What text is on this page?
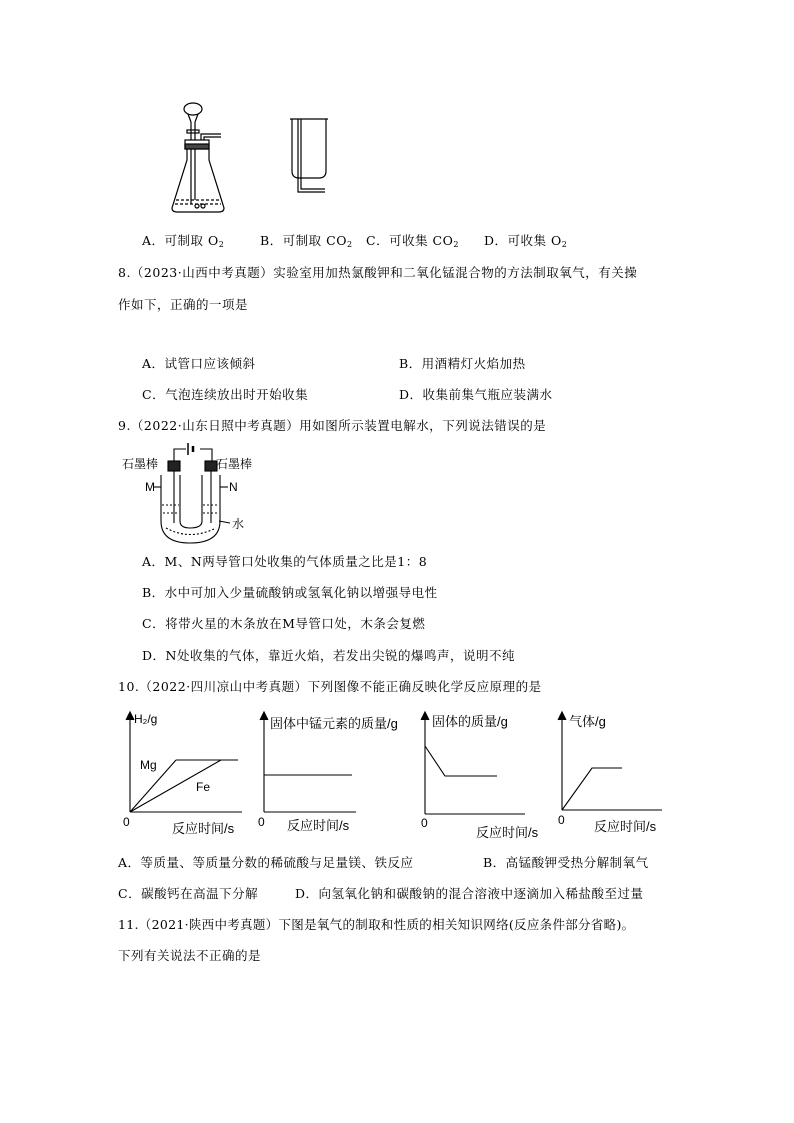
A．可制取 $O_2$	B．可制取 $CO_2$ C．可收集 $CO_2$ D．可收集 $O_2$
8.（2023·山西中考真题）实验室用加热氯酸钾和二氧化锰混合物的方法制取氧气，有关操
作如下，正确的一项是
A．试管口应该倾斜	B．用酒精灯火焰加热
C．气泡连续放出时开始收集	D．收集前集气瓶应装满水
9.（2022·山东日照中考真题）用如图所示装置电解水，下列说法错误的是
石墨棒	石墨棒
M	N
水
A．M、N两导管口处收集的气体质量之比是1：8
B．水中可加入少量硫酸钠或氢氧化钠以增强导电性
C．将带火星的木条放在M导管口处，木条会复燃
D．N处收集的气体，靠近火焰，若发出尖锐的爆鸣声，说明不纯
10.（2022·四川凉山中考真题）下列图像不能正确反映化学反应原理的是
H₂/g
Mg
Fe
0	反应时间/s
固体中锰元素的质量/g
0 反应时间/s
固体的质量/g
0
反应时间/s
气体/g
0 反应时间/s
A．等质量、等质量分数的稀硫酸与足量镁、铁反应	B．高锰酸钾受热分解制氧气
C．碳酸钙在高温下分解	D．向氢氧化钠和碳酸钠的混合溶液中逐滴加入稀盐酸至过量
11.（2021·陕西中考真题）下图是氧气的制取和性质的相关知识网络(反应条件部分省略)。
下列有关说法不正确的是
